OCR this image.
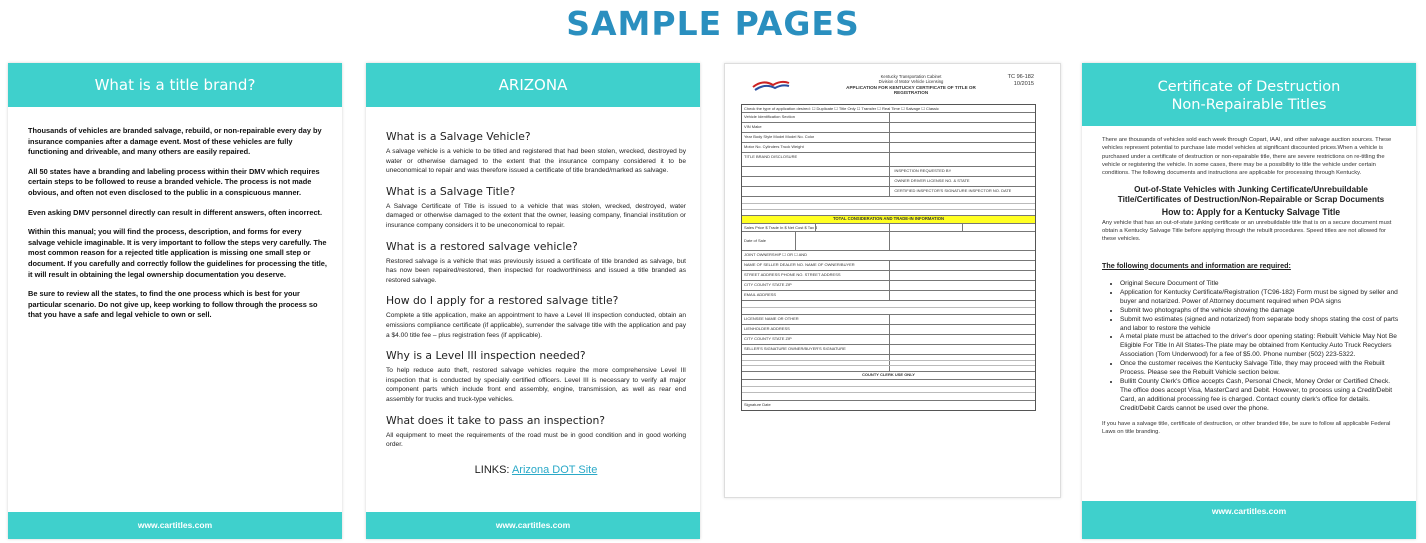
SAMPLE PAGES
What is a title brand?

Thousands of vehicles are branded salvage, rebuild, or non-repairable every day by insurance companies after a damage event. Most of these vehicles are fully functioning and driveable, and many others are easily repaired.

All 50 states have a branding and labeling process within their DMV which requires certain steps to be followed to reuse a branded vehicle. The process is not made obvious, and often not even disclosed to the public in a conspicuous manner.

Even asking DMV personnel directly can result in different answers, often incorrect.

Within this manual; you will find the process, description, and forms for every salvage vehicle imaginable. It is very important to follow the steps very carefully. The most common reason for a rejected title application is missing one small step or document. If you carefully and correctly follow the guidelines for processing the title, it will result in obtaining the legal ownership documentation you deserve.

Be sure to review all the states, to find the one process which is best for your particular scenario. Do not give up, keep working to follow through the process so that you have a safe and legal vehicle to own or sell.

www.cartitles.com
ARIZONA
What is a Salvage Vehicle?

A salvage vehicle is a vehicle to be titled and registered that had been stolen, wrecked, destroyed by water or otherwise damaged to the extent that the insurance company considered it to be uneconomical to repair and was therefore issued a certificate of title branded/marked as salvage.

What is a Salvage Title?

A Salvage Certificate of Title is issued to a vehicle that was stolen, wrecked, destroyed, water damaged or otherwise damaged to the extent that the owner, leasing company, financial institution or insurance company considers it to be uneconomical to repair.

What is a restored salvage vehicle?

Restored salvage is a vehicle that was previously issued a certificate of title branded as salvage, but has now been repaired/restored, then inspected for roadworthiness and issued a title branded as restored salvage.

How do I apply for a restored salvage title?

Complete a title application, make an appointment to have a Level III inspection conducted, obtain an emissions compliance certificate (if applicable), surrender the salvage title with the application and pay a $4.00 title fee – plus registration fees (if applicable).

Why is a Level III inspection needed?

To help reduce auto theft, restored salvage vehicles require the more comprehensive Level III inspection that is conducted by specially certified officers. Level III is necessary to verify all major component parts which include front end assembly, engine, transmission, as well as rear end assembly for trucks and truck-type vehicles.

What does it take to pass an inspection?

All equipment to meet the requirements of the road must be in good condition and in good working order.

LINKS: Arizona DOT Site
www.cartitles.com
Kentucky Transportation Cabinet
Division of Motor Vehicle Licensing
APPLICATION FOR KENTUCKY CERTIFICATE OF TITLE OR REGISTRATION
TC 96-182
10/2015
Check the type of application desired: ☐ Duplicate ☐ Title Only ☐ Transfer ☐ Real Time ☐ Salvage ☐ Classic
Vehicle Identification Section
VIN Make
Year Body Style Model Model No. Color
Motor No. Cylinders Truck Weight
TITLE BRAND DISCLOSURE
INSPECTION REQUESTED BY
OWNER DRIVER LICENSE NO. & STATE
CERTIFIED INSPECTOR'S SIGNATURE INSPECTOR NO. DATE
TOTAL CONSIDERATION AND TRADE-IN INFORMATION
Sales Price $ Trade In $ Net Cost $ Tax $
Date of Sale
JOINT OWNERSHIP ☐ OR ☐ AND
NAME OF SELLER DEALER NO. NAME OF OWNER/BUYER
STREET ADDRESS PHONE NO. STREET ADDRESS
CITY COUNTY STATE ZIP
EMAIL ADDRESS
LICENSEE NAME OR OTHER
LIENHOLDER ADDRESS
CITY COUNTY STATE ZIP
SELLER'S SIGNATURE OWNER/BUYER'S SIGNATURE
COUNTY CLERK USE ONLY
Signature Date
Certificate of Destruction
Non-Repairable Titles

There are thousands of vehicles sold each week through Copart, IAAI, and other salvage auction sources. These vehicles represent potential to purchase late model vehicles at significant discounted prices.When a vehicle is purchased under a certificate of destruction or non-repairable title, there are severe restrictions on re-titling the vehicle or registering the vehicle. In some cases, there may be a possibility to title the vehicle under certain conditions. The following documents and instructions are applicable for processing through Kentucky.

Out-of-State Vehicles with Junking Certificate/Unrebuildable Title/Certificates of Destruction/Non-Repairable or Scrap Documents
How to: Apply for a Kentucky Salvage Title

Any vehicle that has an out-of-state junking certificate or an unrebuildable title that is on a secure document must obtain a Kentucky Salvage Title before applying through the rebuilt procedures. Speed titles are not allowed for these vehicles.

The following documents and information are required:
• Original Secure Document of Title
• Application for Kentucky Certificate/Registration (TC96-182) Form must be signed by seller and buyer and notarized. Power of Attorney document required when POA signs
• Submit two photographs of the vehicle showing the damage
• Submit two estimates (signed and notarized) from separate body shops stating the cost of parts and labor to restore the vehicle
• A metal plate must be attached to the driver's door opening stating: Rebuilt Vehicle May Not Be Eligible For Title In All States-The plate may be obtained from Kentucky Auto Truck Recyclers Association (Tom Underwood) for a fee of $5.00. Phone number (502) 223-5322.
• Once the customer receives the Kentucky Salvage Title, they may proceed with the Rebuilt Process. Please see the Rebuilt Vehicle section below.
• Bullitt County Clerk's Office accepts Cash, Personal Check, Money Order or Certified Check. The office does accept Visa, MasterCard and Debit. However, to process using a Credit/Debit Card, an additional processing fee is charged. Contact county clerk's office for details. Credit/Debit Cards cannot be used over the phone.

If you have a salvage title, certificate of destruction, or other branded title, be sure to follow all applicable Federal Laws on title branding.

www.cartitles.com
